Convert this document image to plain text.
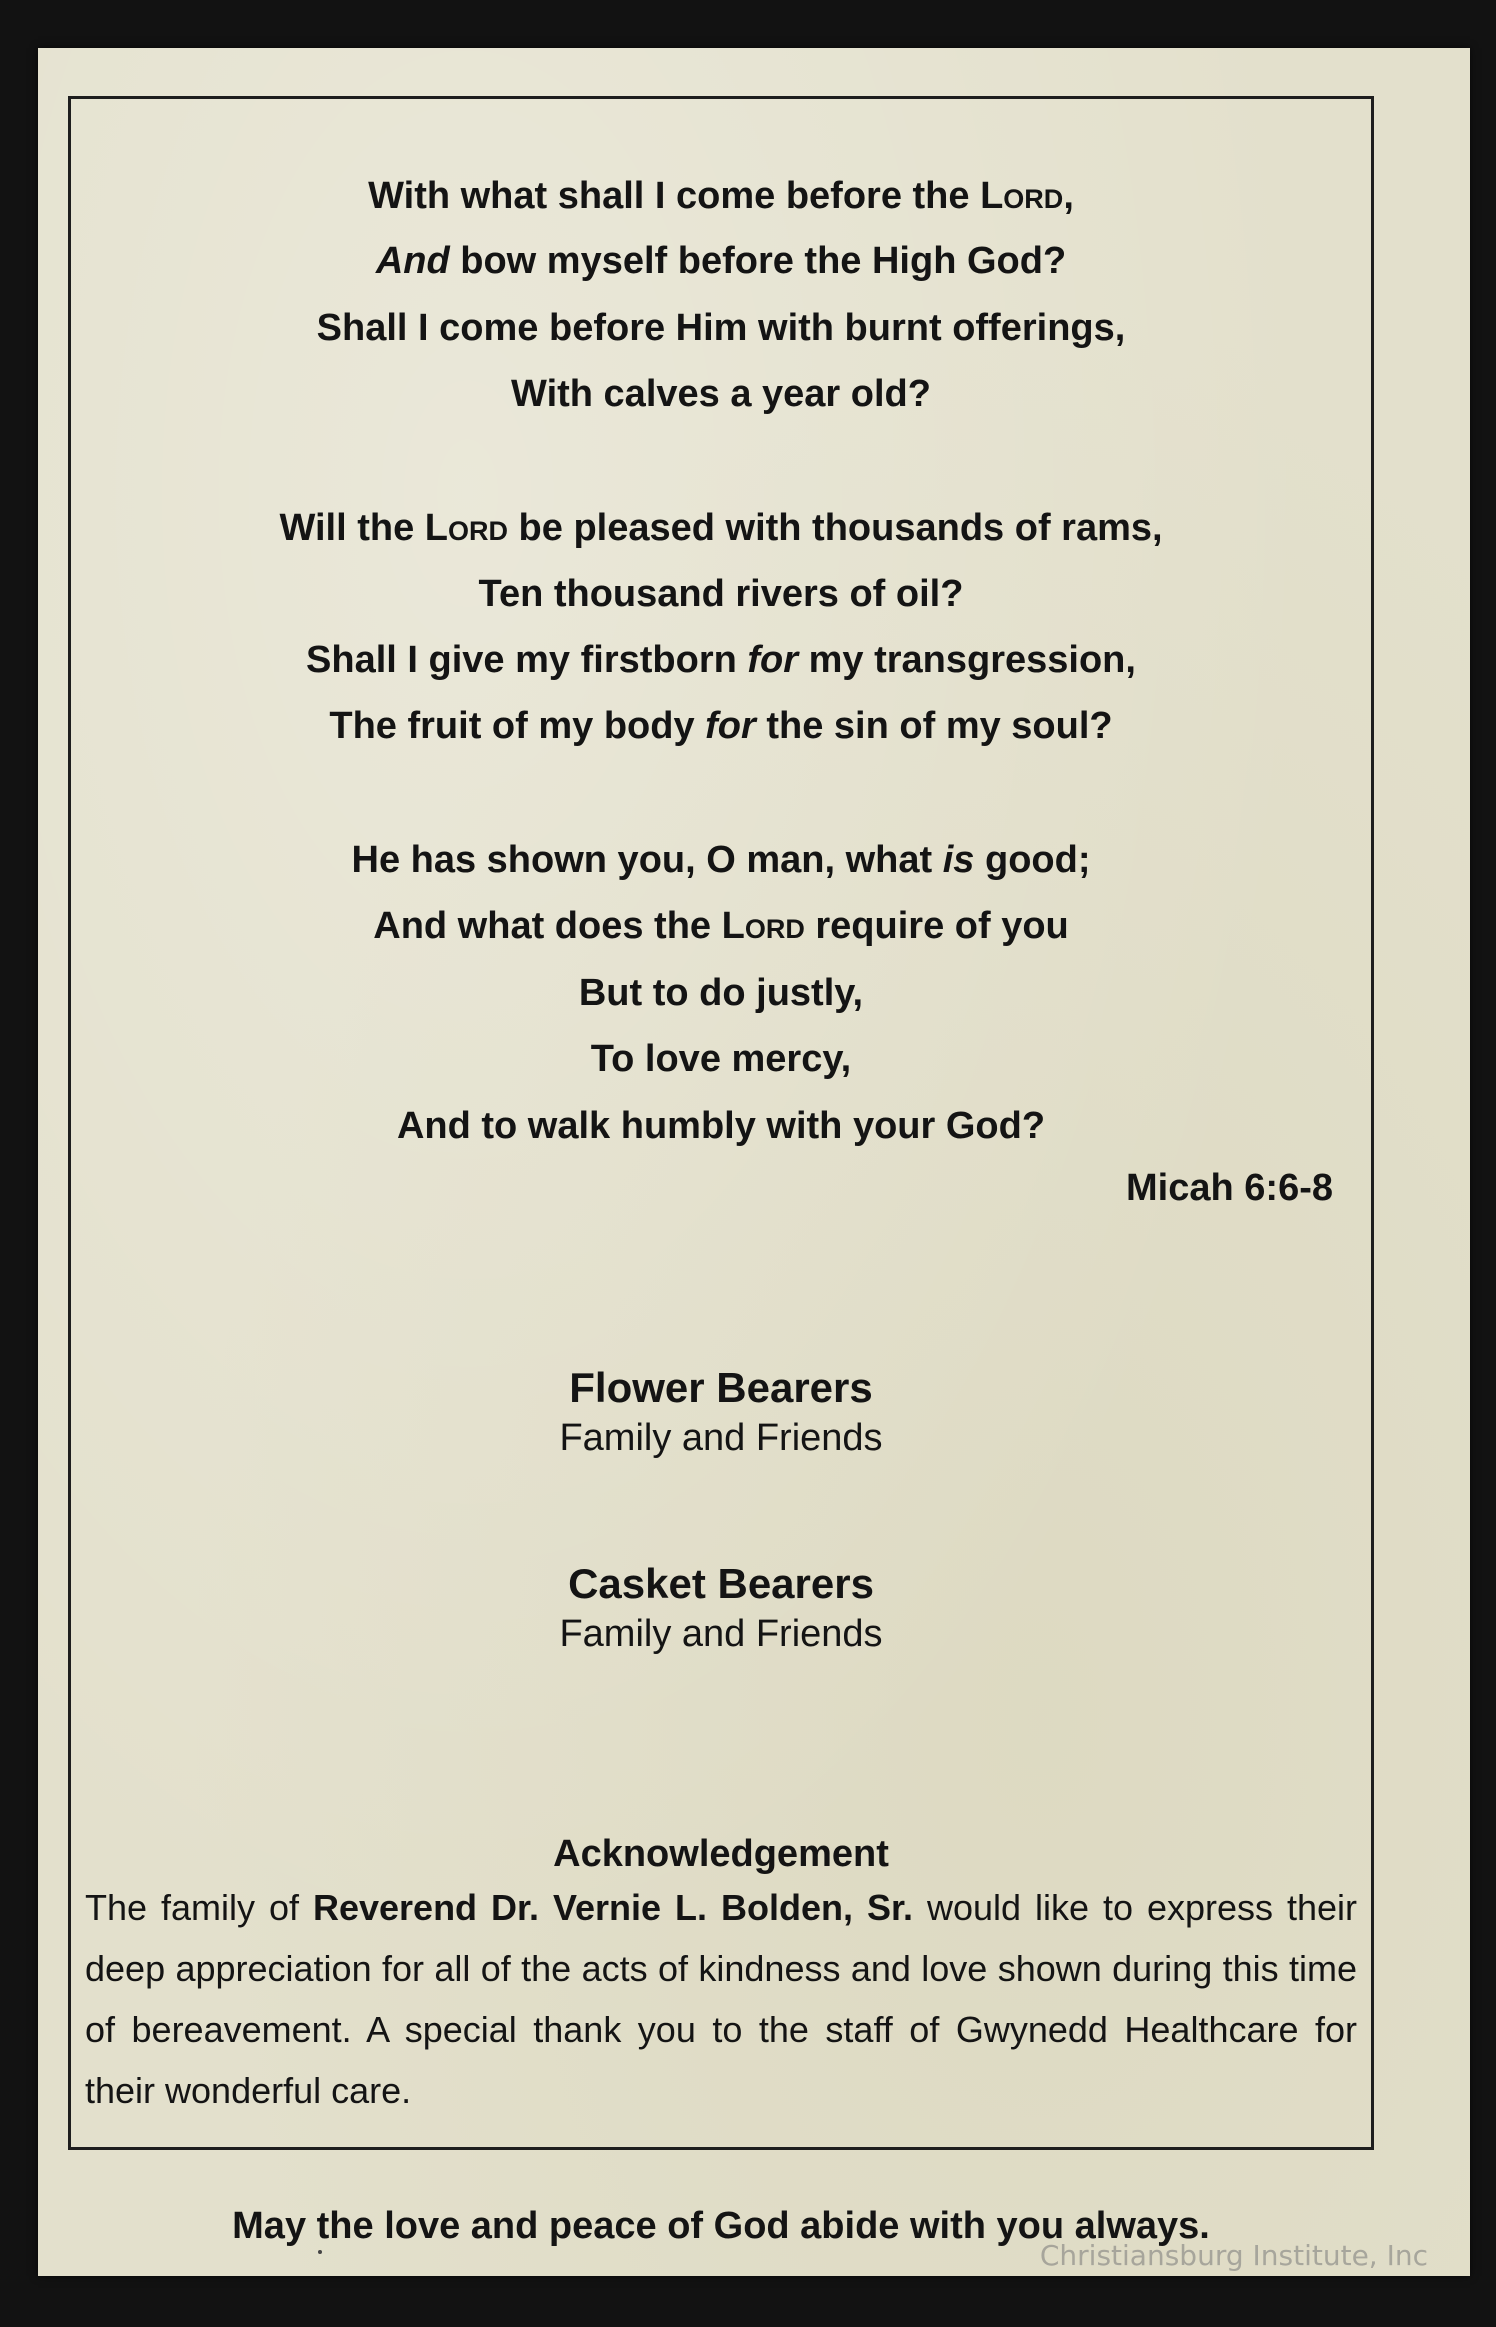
With what shall I come before the Lord,
And bow myself before the High God?
Shall I come before Him with burnt offerings,
With calves a year old?
Will the Lord be pleased with thousands of rams,
Ten thousand rivers of oil?
Shall I give my firstborn for my transgression,
The fruit of my body for the sin of my soul?
He has shown you, O man, what is good;
And what does the Lord require of you
But to do justly,
To love mercy,
And to walk humbly with your God?
Micah 6:6-8
Flower Bearers
Family and Friends
Casket Bearers
Family and Friends
Acknowledgement
The family of Reverend Dr. Vernie L. Bolden, Sr. would like to express their deep appreciation for all of the acts of kindness and love shown during this time of bereavement. A special thank you to the staff of Gwynedd Healthcare for their wonderful care.
May the love and peace of God abide with you always.
Christiansburg Institute, Inc
